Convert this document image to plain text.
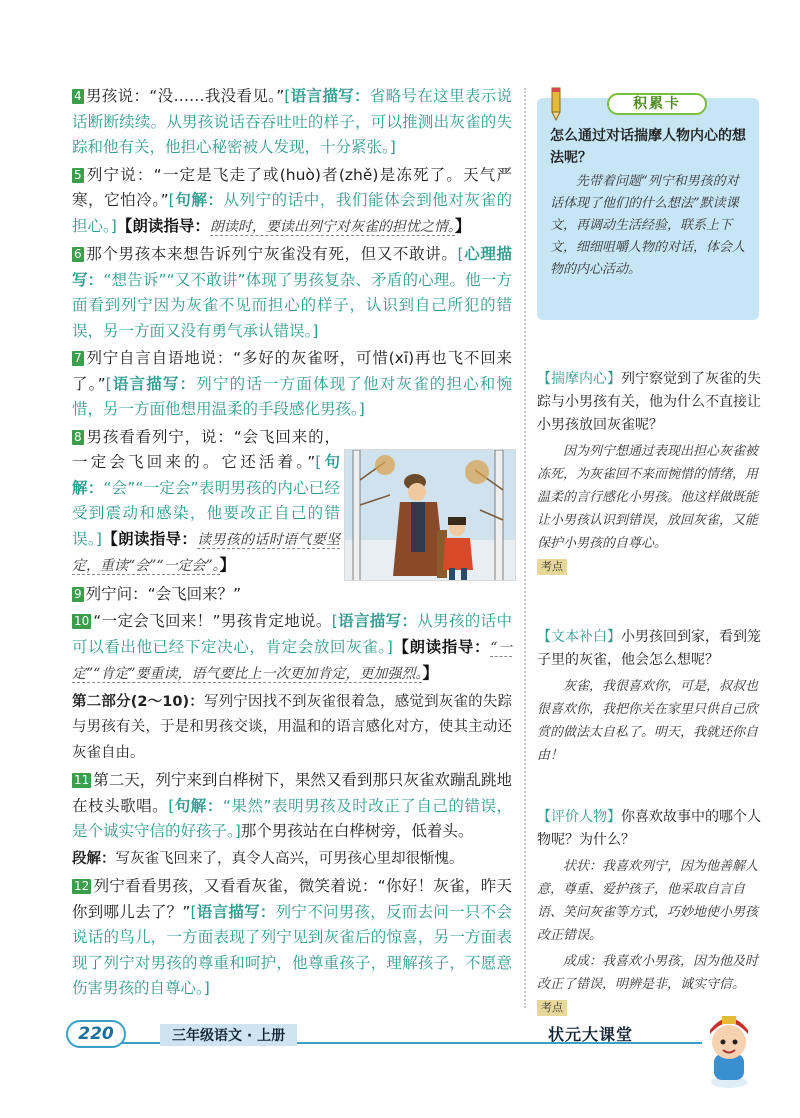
4 男孩说：“没……我没看见。”[语言描写：省略号在这里表示说话断断续续。从男孩说话吞吞吐吐的样子，可以推测出灰雀的失踪和他有关，他担心秘密被人发现，十分紧张。]

5 列宁说：“一定是飞走了或(huò)者(zhě)是冻死了。天气严寒，它怕冷。”[句解：从列宁的话中，我们能体会到他对灰雀的担心。]【朗读指导：朗读时，要读出列宁对灰雀的担忧之情。】

6 那个男孩本来想告诉列宁灰雀没有死，但又不敢讲。[心理描写：“想告诉”“又不敢讲”体现了男孩复杂、矛盾的心理。他一方面看到列宁因为灰雀不见而担心的样子，认识到自己所犯的错误，另一方面又没有勇气承认错误。]

7 列宁自言自语地说：“多好的灰雀呀，可惜(xī)再也飞不回来了。”[语言描写：列宁的话一方面体现了他对灰雀的担心和惋惜，另一方面他想用温柔的手段感化男孩。]

8 男孩看看列宁，说：“会飞回来的，一定会飞回来的。它还活着。”[句解：“会”“一定会”表明男孩的内心已经受到震动和感染，他要改正自己的错误。]【朗读指导：读男孩的话时语气要坚定，重读“会”“一定会”。】

9 列宁问：“会飞回来？”

10 “一定会飞回来！”男孩肯定地说。[语言描写：从男孩的话中可以看出他已经下定决心，肯定会放回灰雀。]【朗读指导：“一定”“肯定”要重读，语气要比上一次更加肯定，更加强烈。】

第二部分(2～10)：写列宁因找不到灰雀很着急，感觉到灰雀的失踪与男孩有关，于是和男孩交谈，用温和的语言感化对方，使其主动还灰雀自由。

11 第二天，列宁来到白桦树下，果然又看到那只灰雀欢蹦乱跳地在枝头歌唱。[句解：“果然”表明男孩及时改正了自己的错误，是个诚实守信的好孩子。]那个男孩站在白桦树旁，低着头。

段解：写灰雀飞回来了，真令人高兴，可男孩心里却很惭愧。

12 列宁看看男孩，又看看灰雀，微笑着说：“你好！灰雀，昨天你到哪儿去了？”[语言描写：列宁不问男孩，反而去问一只不会说话的鸟儿，一方面表现了列宁见到灰雀后的惊喜，另一方面表现了列宁对男孩的尊重和呵护，他尊重孩子，理解孩子，不愿意伤害男孩的自尊心。]

积累卡

怎么通过对话揣摩人物内心的想法呢？

先带着问题“列宁和男孩的对话体现了他们的什么想法”默读课文，再调动生活经验，联系上下文，细细咀嚼人物的对话，体会人物的内心活动。

【揣摩内心】列宁察觉到了灰雀的失踪与小男孩有关，他为什么不直接让小男孩放回灰雀呢？

因为列宁想通过表现出担心灰雀被冻死，为灰雀回不来而惋惜的情绪，用温柔的言行感化小男孩。他这样做既能让小男孩认识到错误，放回灰雀，又能保护小男孩的自尊心。

考点

【文本补白】小男孩回到家，看到笼子里的灰雀，他会怎么想呢？

灰雀，我很喜欢你，可是，叔叔也很喜欢你，我把你关在家里只供自己欣赏的做法太自私了。明天，我就还你自由！

【评价人物】你喜欢故事中的哪个人物呢？为什么？

状状：我喜欢列宁，因为他善解人意，尊重、爱护孩子，他采取自言自语、笑问灰雀等方式，巧妙地使小男孩改正错误。

成成：我喜欢小男孩，因为他及时改正了错误，明辨是非，诚实守信。考点

220	三年级语文 · 上册	状元大课堂
